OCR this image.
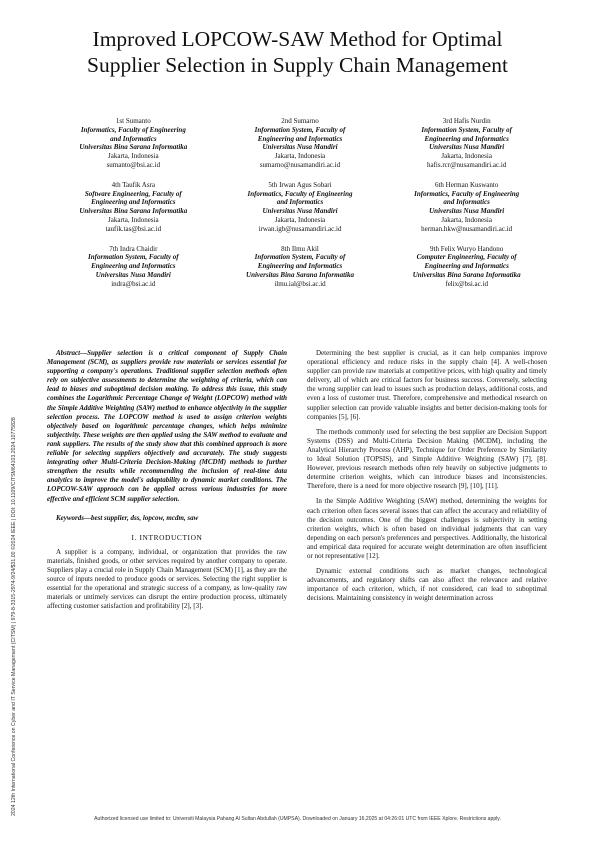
Improved LOPCOW-SAW Method for Optimal
Supplier Selection in Supply Chain Management
1st Sumanto
Informatics, Faculty of Engineering
and Informatics
Universitas Bina Sarana Informatika
Jakarta, Indonesia
sumanto@bsi.ac.id
2nd Sumarno
Information System, Faculty of
Engineering and Informatics
Universitas Nusa Mandiri
Jakarta, Indonesia
sumarno@nusamandiri.ac.id
3rd Hafis Nurdin
Information System, Faculty of
Engineering and Informatics
Universitas Nusa Mandiri
Jakarta, Indonesia
hafis.rcr@nusamandiri.ac.id
4th Taufik Asra
Software Engineering, Faculty of
Engineering and Informatics
Universitas Bina Sarana Informatika
Jakarta, Indonesia
taufik.tas@bsi.ac.id
5th Irwan Agus Sobari
Informatics, Faculty of Engineering
and Informatics
Universitas Nusa Mandiri
Jakarta, Indonesia
irwan.igb@nusamandiri.ac.id
6th Herman Kuswanto
Informatics, Faculty of Engineering
and Informatics
Universitas Nusa Mandiri
Jakarta, Indonesia
herman.hkw@nusamandiri.ac.id
7th Indra Chaidir
Information System, Faculty of
Engineering and Informatics
Universitas Nusa Mandiri
indra@bsi.ac.id
8th Ilmu Akil
Information System, Faculty of
Engineering and Informatics
Universitas Bina Sarana Informatika
ilmu.ial@bsi.ac.id
9th Felix Wuryo Handono
Computer Engineering, Faculty of
Engineering and Informatics
Universitas Bina Sarana Informatika
felix@bsi.ac.id

Abstract—Supplier selection is a critical component of Supply Chain Management (SCM), as suppliers provide raw materials or services essential for supporting a company's operations. Traditional supplier selection methods often rely on subjective assessments to determine the weighting of criteria, which can lead to biases and suboptimal decision making. To address this issue, this study combines the Logarithmic Percentage Change of Weight (LOPCOW) method with the Simple Additive Weighting (SAW) method to enhance objectivity in the supplier selection process. The LOPCOW method is used to assign criterion weights objectively based on logarithmic percentage changes, which helps minimize subjectivity. These weights are then applied using the SAW method to evaluate and rank suppliers. The results of the study show that this combined approach is more reliable for selecting suppliers objectively and accurately. The study suggests integrating other Multi-Criteria Decision-Making (MCDM) methods to further strengthen the results while recommending the inclusion of real-time data analytics to improve the model's adaptability to dynamic market conditions. The LOPCOW-SAW approach can be applied across various industries for more effective and efficient SCM supplier selection.

Keywords—best supplier, dss, lopcow, mcdm, saw

I. INTRODUCTION

A supplier is a company, individual, or organization that provides the raw materials, finished goods, or other services required by another company to operate. Suppliers play a crucial role in Supply Chain Management (SCM) [1], as they are the source of inputs needed to produce goods or services. Selecting the right supplier is essential for the operational and strategic success of a company, as low-quality raw materials or untimely services can disrupt the entire production process, ultimately affecting customer satisfaction and profitability [2], [3].

Determining the best supplier is crucial, as it can help companies improve operational efficiency and reduce risks in the supply chain [4]. A well-chosen supplier can provide raw materials at competitive prices, with high quality and timely delivery, all of which are critical factors for business success. Conversely, selecting the wrong supplier can lead to issues such as production delays, additional costs, and even a loss of customer trust. Therefore, comprehensive and methodical research on supplier selection can provide valuable insights and better decision-making tools for companies [5], [6].

The methods commonly used for selecting the best supplier are Decision Support Systems (DSS) and Multi-Criteria Decision Making (MCDM), including the Analytical Hierarchy Process (AHP), Technique for Order Preference by Similarity to Ideal Solution (TOPSIS), and Simple Additive Weighting (SAW) [7], [8]. However, previous research methods often rely heavily on subjective judgments to determine criterion weights, which can introduce biases and inconsistencies. Therefore, there is a need for more objective research [9], [10], [11].

In the Simple Additive Weighting (SAW) method, determining the weights for each criterion often faces several issues that can affect the accuracy and reliability of the decision outcomes. One of the biggest challenges is subjectivity in setting criterion weights, which is often based on individual judgments that can vary depending on each person's preferences and perspectives. Additionally, the historical and empirical data required for accurate weight determination are often insufficient or not representative [12].

Dynamic external conditions such as market changes, technological advancements, and regulatory shifts can also affect the relevance and relative importance of each criterion, which, if not considered, can lead to suboptimal decisions. Maintaining consistency in weight determination across

2024 12th International Conference on Cyber and IT Service Management (CITSM) | 979-8-3315-2974-9/24/$31.00 ©2024 IEEE | DOI: 10.1109/CITSM64103.2024.10775828
Authorized licensed use limited to: Universiti Malaysia Pahang Al Sultan Abdullah (UMPSA). Downloaded on January 16,2025 at 04:26:01 UTC from IEEE Xplore. Restrictions apply.
